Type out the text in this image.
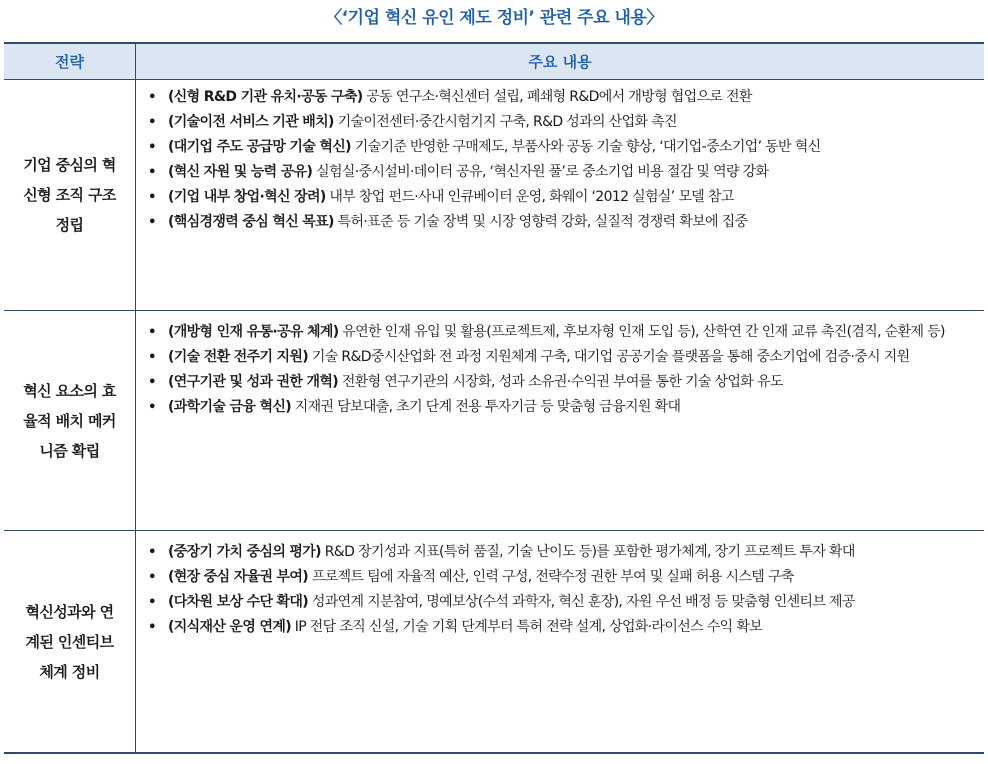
〈‘기업 혁신 유인 제도 정비’ 관련 주요 내용〉
전략	주요 내용
기업 중심의 혁
신형 조직 구조
정립
• (신형 R&D 기관 유치·공동 구축) 공동 연구소·혁신센터 설립, 폐쇄형 R&D에서 개방형 협업으로 전환
• (기술이전 서비스 기관 배치) 기술이전센터·중간시험기지 구축, R&D 성과의 산업화 촉진
• (대기업 주도 공급망 기술 혁신) 기술기준 반영한 구매제도, 부품사와 공동 기술 향상, ‘대기업-중소기업’ 동반 혁신
• (혁신 자원 및 능력 공유) 실험실·중시설비·데이터 공유, ‘혁신자원 풀’로 중소기업 비용 절감 및 역량 강화
• (기업 내부 창업·혁신 장려) 내부 창업 펀드·사내 인큐베이터 운영, 화웨이 ‘2012 실험실’ 모델 참고
• (핵심경쟁력 중심 혁신 목표) 특허·표준 등 기술 장벽 및 시장 영향력 강화, 실질적 경쟁력 확보에 집중
혁신 요소의 효
율적 배치 메커
니즘 확립
• (개방형 인재 유통·공유 체계) 유연한 인재 유입 및 활용(프로젝트제, 후보자형 인재 도입 등), 산학연 간 인재 교류 촉진(겸직, 순환제 등)
• (기술 전환 전주기 지원) 기술 R&D중시산업화 전 과정 지원체계 구축, 대기업 공공기술 플랫폼을 통해 중소기업에 검증·중시 지원
• (연구기관 및 성과 권한 개혁) 전환형 연구기관의 시장화, 성과 소유권·수익권 부여를 통한 기술 상업화 유도
• (과학기술 금융 혁신) 지재권 담보대출, 초기 단계 전용 투자기금 등 맞춤형 금융지원 확대
혁신성과와 연
계된 인센티브
체계 정비
• (중장기 가치 중심의 평가) R&D 장기성과 지표(특허 품질, 기술 난이도 등)를 포함한 평가체계, 장기 프로젝트 투자 확대
• (현장 중심 자율권 부여) 프로젝트 팀에 자율적 예산, 인력 구성, 전략수정 권한 부여 및 실패 허용 시스템 구축
• (다차원 보상 수단 확대) 성과연계 지분참여, 명예보상(수석 과학자, 혁신 훈장), 자원 우선 배정 등 맞춤형 인센티브 제공
• (지식재산 운영 연계) IP 전담 조직 신설, 기술 기획 단계부터 특허 전략 설계, 상업화·라이선스 수익 확보
